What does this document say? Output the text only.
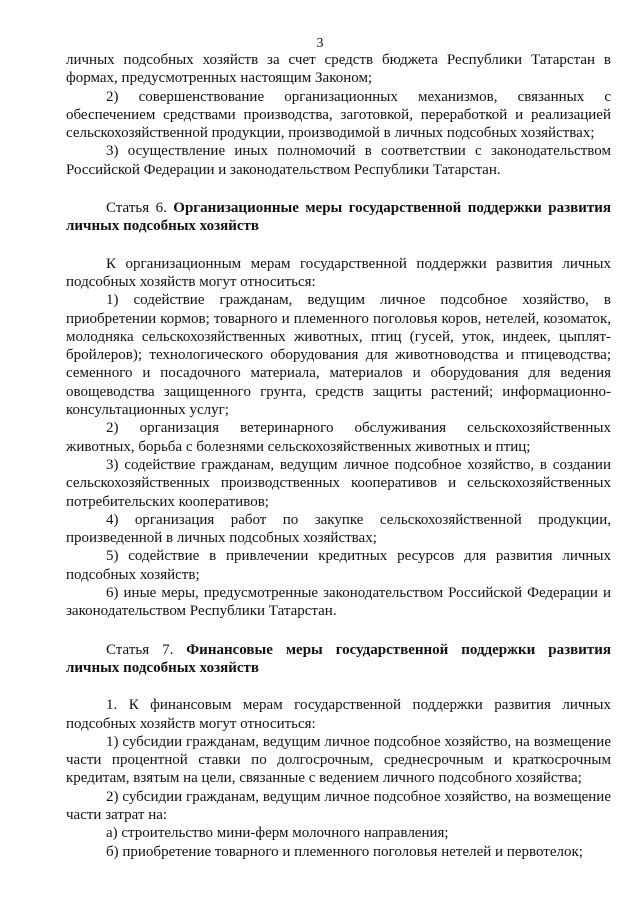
3

личных подсобных хозяйств за счет средств бюджета Республики Татарстан в формах, предусмотренных настоящим Законом;

2) совершенствование организационных механизмов, связанных с обеспечением средствами производства, заготовкой, переработкой и реализацией сельскохозяйственной продукции, производимой в личных подсобных хозяйствах;

3) осуществление иных полномочий в соответствии с законодательством Российской Федерации и законодательством Республики Татарстан.

Статья 6. Организационные меры государственной поддержки развития личных подсобных хозяйств

К организационным мерам государственной поддержки развития личных подсобных хозяйств могут относиться:

1) содействие гражданам, ведущим личное подсобное хозяйство, в приобретении кормов; товарного и племенного поголовья коров, нетелей, козоматок, молодняка сельскохозяйственных животных, птиц (гусей, уток, индеек, цыплят-бройлеров); технологического оборудования для животноводства и птицеводства; семенного и посадочного материала, материалов и оборудования для ведения овощеводства защищенного грунта, средств защиты растений; информационно-консультационных услуг;

2) организация ветеринарного обслуживания сельскохозяйственных животных, борьба с болезнями сельскохозяйственных животных и птиц;

3) содействие гражданам, ведущим личное подсобное хозяйство, в создании сельскохозяйственных производственных кооперативов и сельскохозяйственных потребительских кооперативов;

4) организация работ по закупке сельскохозяйственной продукции, произведенной в личных подсобных хозяйствах;

5) содействие в привлечении кредитных ресурсов для развития личных подсобных хозяйств;

6) иные меры, предусмотренные законодательством Российской Федерации и законодательством Республики Татарстан.

Статья 7. Финансовые меры государственной поддержки развития личных подсобных хозяйств

1. К финансовым мерам государственной поддержки развития личных подсобных хозяйств могут относиться:

1) субсидии гражданам, ведущим личное подсобное хозяйство, на возмещение части процентной ставки по долгосрочным, среднесрочным и краткосрочным кредитам, взятым на цели, связанные с ведением личного подсобного хозяйства;

2) субсидии гражданам, ведущим личное подсобное хозяйство, на возмещение части затрат на:

а) строительство мини-ферм молочного направления;

б) приобретение товарного и племенного поголовья нетелей и первотелок;
